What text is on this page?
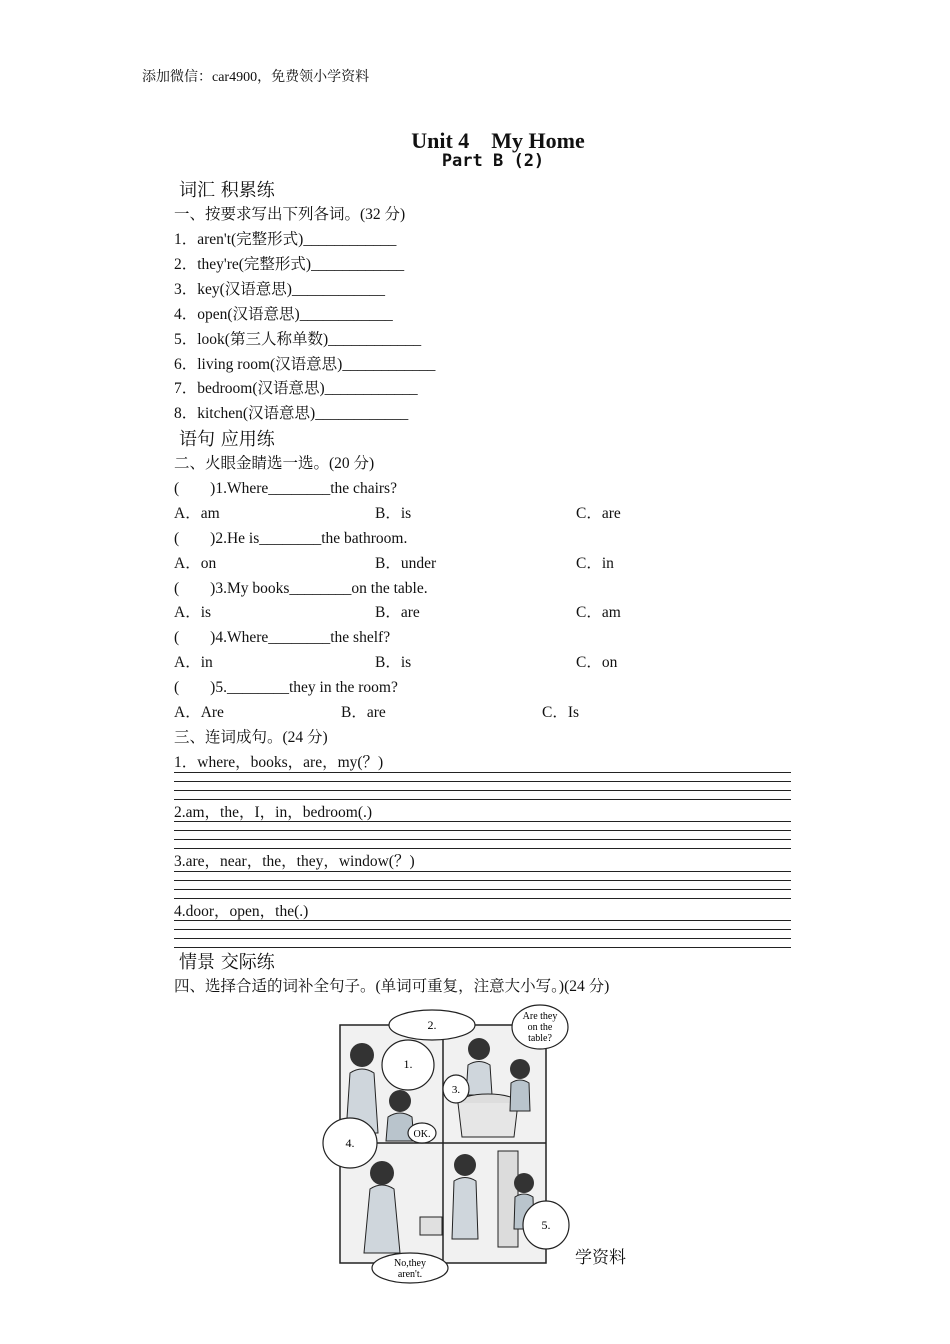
添加微信：car4900，免费领小学资料
Unit 4　My Home
Part B (2)
词汇 积累练
一、按要求写出下列各词。(32 分)
1．aren't(完整形式)____________
2．they're(完整形式)____________
3．key(汉语意思)____________
4．open(汉语意思)____________
5．look(第三人称单数)____________
6．living room(汉语意思)____________
7．bedroom(汉语意思)____________
8．kitchen(汉语意思)____________
语句 应用练
二、火眼金睛选一选。(20 分)
(　　)1.Where________the chairs?
A．am	B．is	C．are
(　　)2.He is________the bathroom.
A．on	B．under	C．in
(　　)3.My books________on the table.
A．is	B．are	C．am
(　　)4.Where________the shelf?
A．in	B．is	C．on
(　　)5.________they in the room?
A．Are	B．are	C．Is
三、连词成句。(24 分)
1．where，books，are，my(？)
2.am，the，I，in，bedroom(.)
3.are，near，the，they，window(？)
4.door，open，the(.)
情景 交际练
四、选择合适的词补全句子。(单词可重复，注意大小写。)(24 分)
2.
1.
Are they
on the
table?
3.
OK.
4.
5.
No,they
aren't.
学资料
